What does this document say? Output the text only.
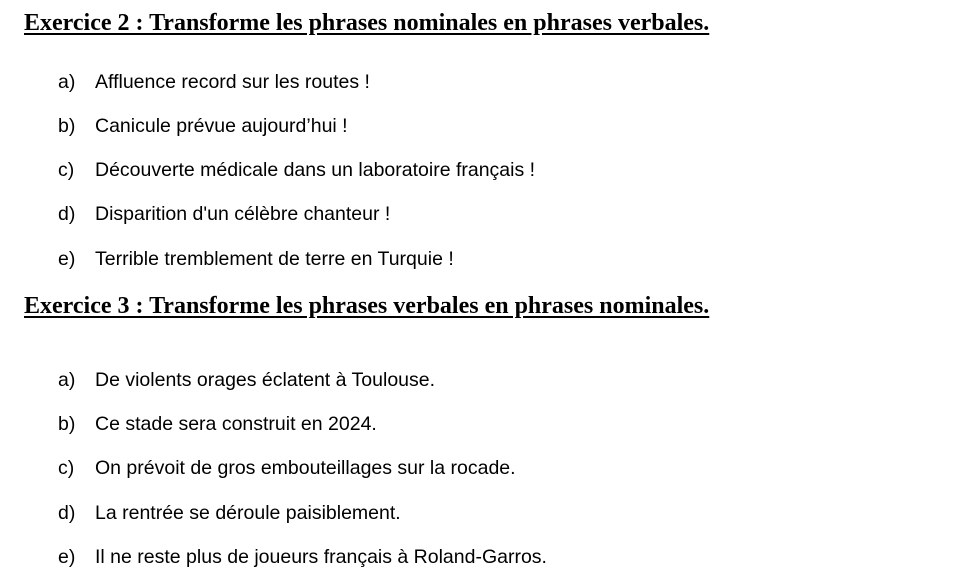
Exercice 2 : Transforme les phrases nominales en phrases verbales.
a) Affluence record sur les routes !
b) Canicule prévue aujourd’hui !
c) Découverte médicale dans un laboratoire français !
d) Disparition d'un célèbre chanteur !
e) Terrible tremblement de terre en Turquie !
Exercice 3 : Transforme les phrases verbales en phrases nominales.
a) De violents orages éclatent à Toulouse.
b) Ce stade sera construit en 2024.
c) On prévoit de gros embouteillages sur la rocade.
d) La rentrée se déroule paisiblement.
e) Il ne reste plus de joueurs français à Roland-Garros.
